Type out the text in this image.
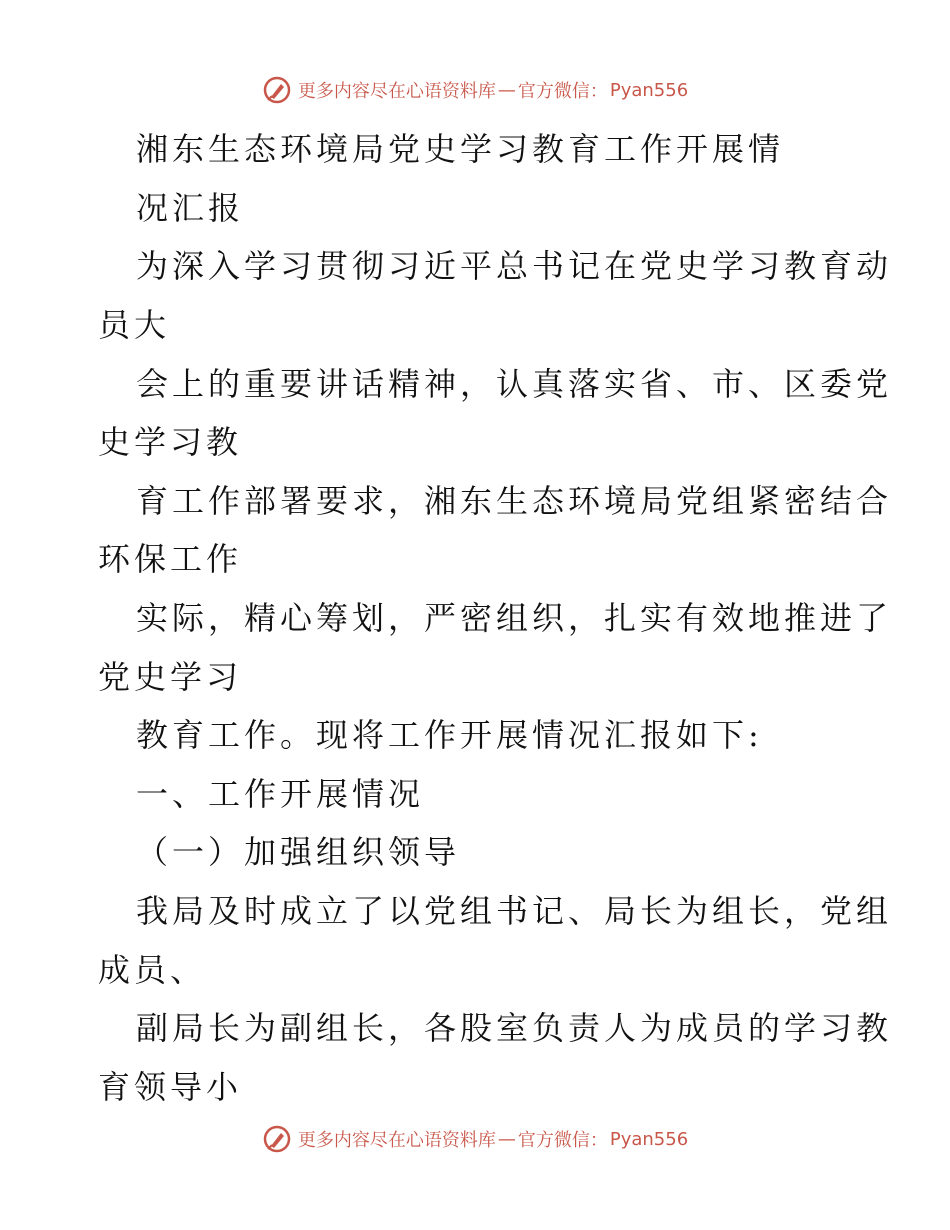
更多内容尽在心语资料库 — 官方微信： Pyan556
湘东生态环境局党史学习教育工作开展情
况汇报
为深入学习贯彻习近平总书记在党史学习教育动
员大
会上的重要讲话精神，认真落实省、市、区委党
史学习教
育工作部署要求，湘东生态环境局党组紧密结合
环保工作
实际，精心筹划，严密组织，扎实有效地推进了
党史学习
教育工作。现将工作开展情况汇报如下:
一、工作开展情况
（一）加强组织领导
我局及时成立了以党组书记、局长为组长，党组
成员、
副局长为副组长，各股室负责人为成员的学习教
育领导小
更多内容尽在心语资料库 — 官方微信： Pyan556
